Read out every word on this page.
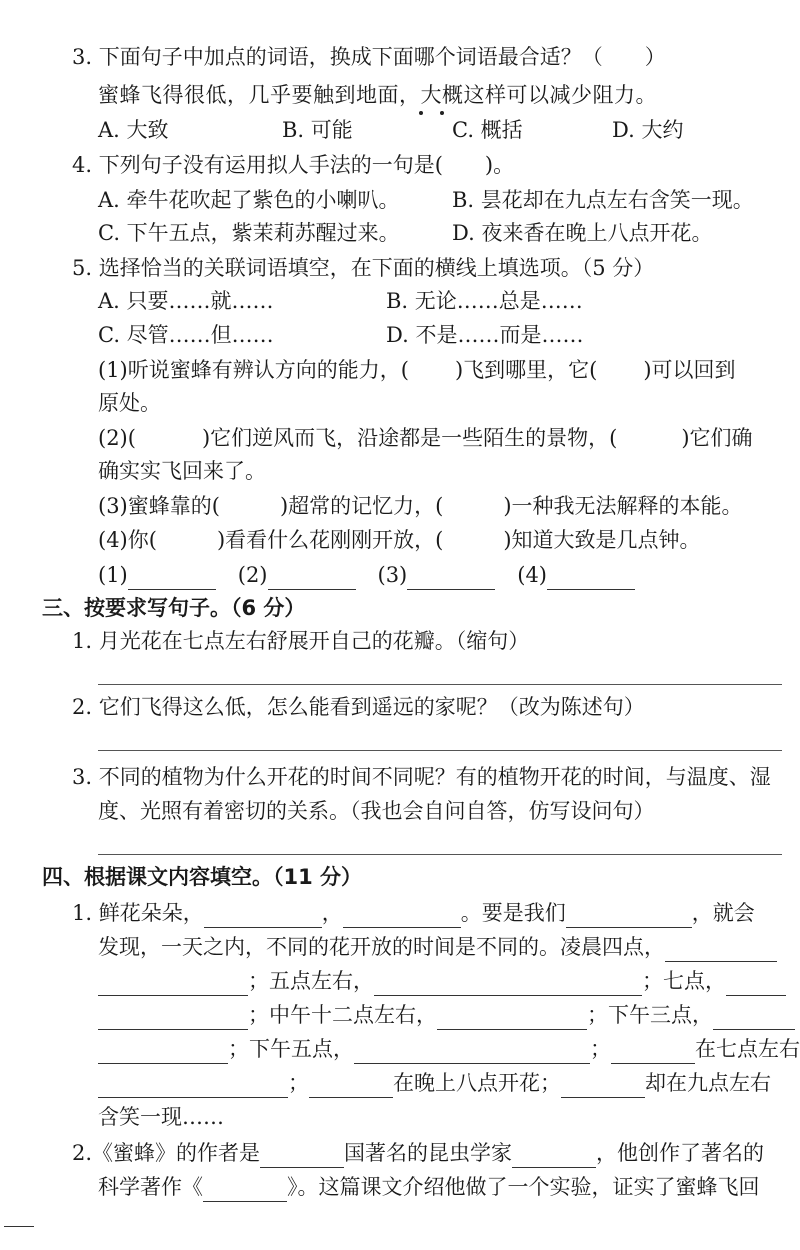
3. 下面句子中加点的词语，换成下面哪个词语最合适？（　　）
蜜蜂飞得很低，几乎要触到地面，大概这样可以减少阻力。
A. 大致	B. 可能	C. 概括	D. 大约
4. 下列句子没有运用拟人手法的一句是(　　)。
A. 牵牛花吹起了紫色的小喇叭。 B. 昙花却在九点左右含笑一现。
C. 下午五点，紫茉莉苏醒过来。 D. 夜来香在晚上八点开花。
5. 选择恰当的关联词语填空，在下面的横线上填选项。（5 分）
A. 只要……就……	B. 无论……总是……
C. 尽管……但……	D. 不是……而是……
(1)听说蜜蜂有辨认方向的能力，( )飞到哪里，它( )可以回到
原处。
(2)(	)它们逆风而飞，沿途都是一些陌生的景物，(	)它们确
确实实飞回来了。
(3)蜜蜂靠的(	)超常的记忆力，(	)一种我无法解释的本能。
(4)你(	)看看什么花刚刚开放，(	)知道大致是几点钟。
(1)	(2)	(3)	(4)
三、按要求写句子。（6 分）
1. 月光花在七点左右舒展开自己的花瓣。（缩句）
2. 它们飞得这么低，怎么能看到遥远的家呢？（改为陈述句）
3. 不同的植物为什么开花的时间不同呢？有的植物开花的时间，与温度、湿
度、光照有着密切的关系。（我也会自问自答，仿写设问句）
四、根据课文内容填空。（11 分）
1. 鲜花朵朵，	，	。要是我们	，就会
发现，一天之内，不同的花开放的时间是不同的。凌晨四点，
；五点左右，	；七点，
；中午十二点左右，	；下午三点，
；下午五点，	；	在七点左右
；	在晚上八点开花；	却在九点左右
含笑一现……
2.《蜜蜂》的作者是	国著名的昆虫学家	，他创作了著名的
科学著作《	》。这篇课文介绍他做了一个实验，证实了蜜蜂飞回
